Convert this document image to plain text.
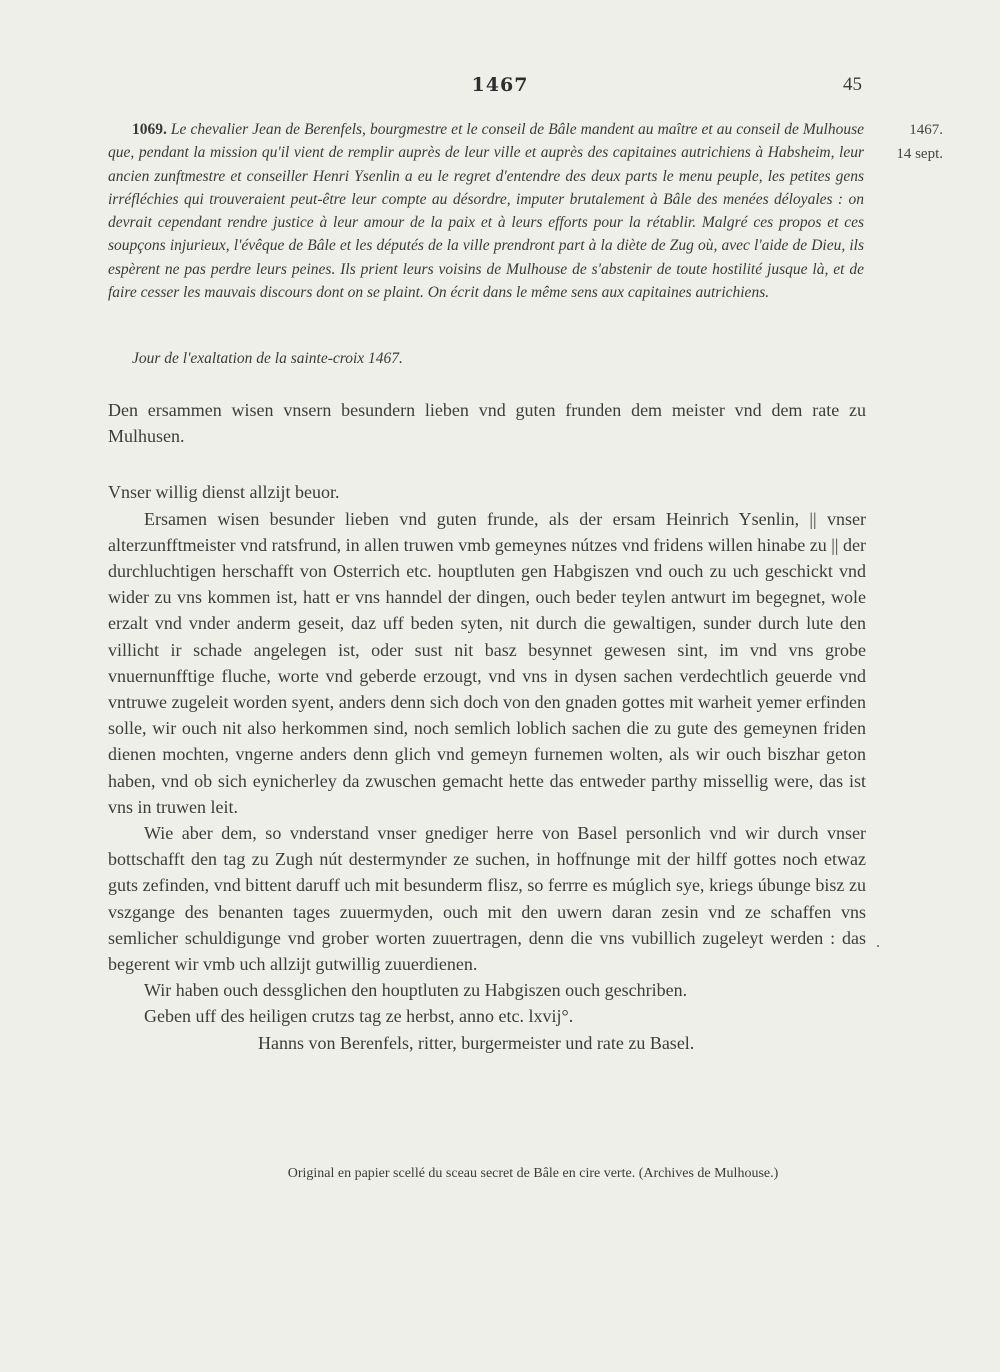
1467	45
1467.
14 sept.
1069. Le chevalier Jean de Berenfels, bourgmestre et le conseil de Bâle mandent au maître et au conseil de Mulhouse que, pendant la mission qu'il vient de remplir auprès de leur ville et auprès des capitaines autrichiens à Habsheim, leur ancien zunftmestre et conseiller Henri Ysenlin a eu le regret d'entendre des deux parts le menu peuple, les petites gens irréfléchies qui trouveraient peut-être leur compte au désordre, imputer brutalement à Bâle des menées déloyales : on devrait cependant rendre justice à leur amour de la paix et à leurs efforts pour la rétablir. Malgré ces propos et ces soupçons injurieux, l'évêque de Bâle et les députés de la ville prendront part à la diète de Zug où, avec l'aide de Dieu, ils espèrent ne pas perdre leurs peines. Ils prient leurs voisins de Mulhouse de s'abstenir de toute hostilité jusque là, et de faire cesser les mauvais discours dont on se plaint. On écrit dans le même sens aux capitaines autrichiens.
Jour de l'exaltation de la sainte-croix 1467.

Den ersammen wisen vnsern besundern lieben vnd guten frunden dem meister vnd dem rate zu Mulhusen.

Vnser willig dienst allzijt beuor.

Ersamen wisen besunder lieben vnd guten frunde, als der ersam Heinrich Ysenlin, || vnser alterzunfftmeister vnd ratsfrund, in allen truwen vmb gemeynes nútzes vnd fridens willen hinabe zu || der durchluchtigen herschafft von Osterrich etc. houptluten gen Habgiszen vnd ouch zu uch geschickt vnd wider zu vns kommen ist, hatt er vns hanndel der dingen, ouch beder teylen antwurt im begegnet, wole erzalt vnd vnder anderm geseit, daz uff beden syten, nit durch die gewaltigen, sunder durch lute den villicht ir schade angelegen ist, oder sust nit basz besynnet gewesen sint, im vnd vns grobe vnuernunfftige fluche, worte vnd geberde erzougt, vnd vns in dysen sachen verdechtlich geuerde vnd vntruwe zugeleit worden syent, anders denn sich doch von den gnaden gottes mit warheit yemer erfinden solle, wir ouch nit also herkommen sind, noch semlich loblich sachen die zu gute des gemeynen friden dienen mochten, vngerne anders denn glich vnd gemeyn furnemen wolten, als wir ouch biszhar geton haben, vnd ob sich eynicherley da zwuschen gemacht hette das entweder parthy missellig were, das ist vns in truwen leit.

Wie aber dem, so vnderstand vnser gnediger herre von Basel personlich vnd wir durch vnser bottschafft den tag zu Zugh nút destermynder ze suchen, in hoffnunge mit der hilff gottes noch etwaz guts zefinden, vnd bittent daruff uch mit besunderm flisz, so ferrre es múglich sye, kriegs úbunge bisz zu vszgange des benanten tages zuuermyden, ouch mit den uwern daran zesin vnd ze schaffen vns semlicher schuldigunge vnd grober worten zuuertragen, denn die vns vubillich zugeleyt werden : das begerent wir vmb uch allzijt gutwillig zuuerdienen.

Wir haben ouch dessglichen den houptluten zu Habgiszen ouch geschriben.

Geben uff des heiligen crutzs tag ze herbst, anno etc. lxvij°.

Hanns von Berenfels, ritter, burgermeister und rate zu Basel.

.
Original en papier scellé du sceau secret de Bâle en cire verte. (Archives de Mulhouse.)
